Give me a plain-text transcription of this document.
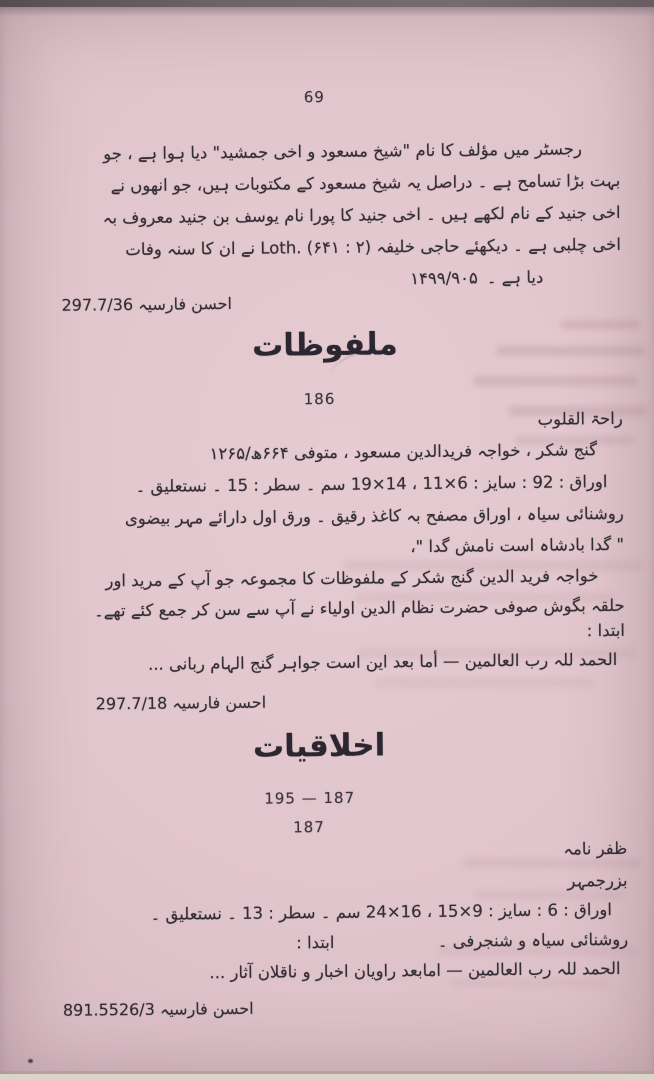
69
رجسٹر میں مؤلف کا نام "شیخ مسعود و اخی جمشید" دیا ہوا ہے ، جو
بہت بڑا تسامح ہے ۔ دراصل یہ شیخ مسعود کے مکتوبات ہیں، جو انھوں نے
اخی جنید کے نام لکھے ہیں ۔ اخی جنید کا پورا نام یوسف بن جنید معروف بہ
اخی چلبی ہے ۔ دیکھئے حاجی خلیفہ (۲ : ۶۴۱) .Loth نے ان کا سنہ وفات
۱۴۹۹/۹۰۵ دیا ہے ۔
احسن فارسیہ 297.7/36
ملفوظات
186
راحۃ القلوب
گنج شکر ، خواجہ فریدالدین مسعود ، متوفی ۶۶۴ھ/۱۲۶۵
اوراق : 92 : سایز : 6×11 ، 14×19 سم ۔ سطر : 15 ۔ نستعلیق ۔
روشنائی سیاہ ، اوراق مصفح بہ کاغذ رقیق ۔ ورق اول دارائے مہر بیضوی
" گدا بادشاہ است نامش گدا "،
خواجہ فرید الدین گنج شکر کے ملفوظات کا مجموعہ جو آپ کے مرید اور
حلقہ بگوش صوفی حضرت نظام الدین اولیاء نے آپ سے سن کر جمع کئے تھے۔
ابتدا :
الحمد للہ رب العالمین — أما بعد این است جواہر گنج الہام ربانی ...
احسن فارسیہ 297.7/18
اخلاقیات
195 — 187
187
ظفر نامہ
بزرجمہر
اوراق : 6 : سایز : 9×15 ، 16×24 سم ۔ سطر : 13 ۔ نستعلیق ۔
روشنائی سیاہ و شنجرفی ۔
ابتدا :
الحمد للہ رب العالمین — امابعد راویان اخبار و ناقلان آثار ...
احسن فارسیہ 891.5526/3
